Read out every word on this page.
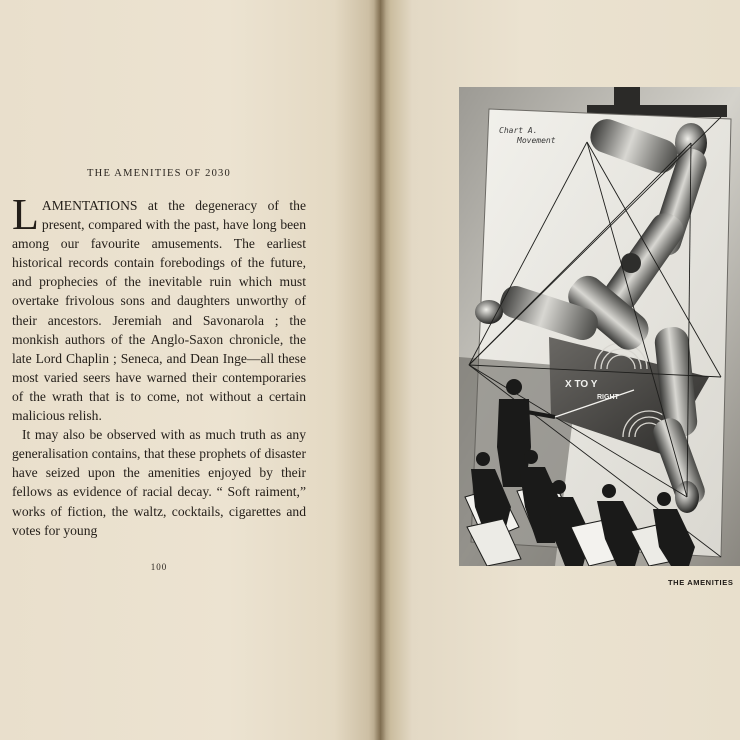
THE AMENITIES OF 2030

LAMENTATIONS at the degeneracy of the present, compared with the past, have long been among our favourite amusements. The earliest historical records contain forebodings of the future, and prophecies of the inevitable ruin which must overtake frivolous sons and daughters unworthy of their ancestors. Jeremiah and Savonarola ; the monkish authors of the Anglo-Saxon chronicle, the late Lord Chaplin ; Seneca, and Dean Inge—all these most varied seers have warned their contemporaries of the wrath that is to come, not without a certain malicious relish.

It may also be observed with as much truth as any generalisation contains, that these prophets of disaster have seized upon the amenities enjoyed by their fellows as evidence of racial decay. “ Soft raiment,” works of fiction, the waltz, cocktails, cigarettes and votes for young

100
Chart A.
Movement
X TO Y
RIGHT
THE AMENITIES
